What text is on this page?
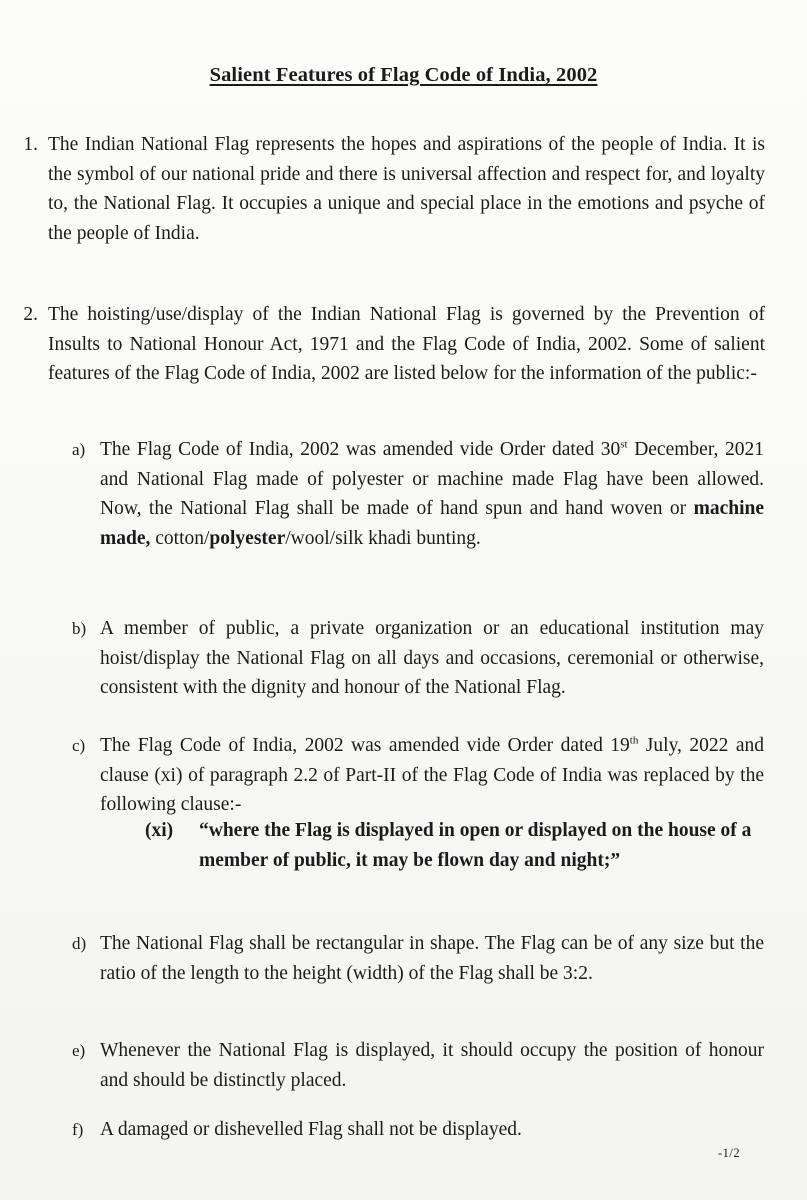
Salient Features of Flag Code of India, 2002
1. The Indian National Flag represents the hopes and aspirations of the people of India. It is the symbol of our national pride and there is universal affection and respect for, and loyalty to, the National Flag. It occupies a unique and special place in the emotions and psyche of the people of India.
2. The hoisting/use/display of the Indian National Flag is governed by the Prevention of Insults to National Honour Act, 1971 and the Flag Code of India, 2002. Some of salient features of the Flag Code of India, 2002 are listed below for the information of the public:-
a) The Flag Code of India, 2002 was amended vide Order dated 30st December, 2021 and National Flag made of polyester or machine made Flag have been allowed. Now, the National Flag shall be made of hand spun and hand woven or machine made, cotton/polyester/wool/silk khadi bunting.
b) A member of public, a private organization or an educational institution may hoist/display the National Flag on all days and occasions, ceremonial or otherwise, consistent with the dignity and honour of the National Flag.
c) The Flag Code of India, 2002 was amended vide Order dated 19th July, 2022 and clause (xi) of paragraph 2.2 of Part-II of the Flag Code of India was replaced by the following clause:-
(xi) “where the Flag is displayed in open or displayed on the house of a member of public, it may be flown day and night;”
d) The National Flag shall be rectangular in shape. The Flag can be of any size but the ratio of the length to the height (width) of the Flag shall be 3:2.
e) Whenever the National Flag is displayed, it should occupy the position of honour and should be distinctly placed.
f) A damaged or dishevelled Flag shall not be displayed.
-1/2
